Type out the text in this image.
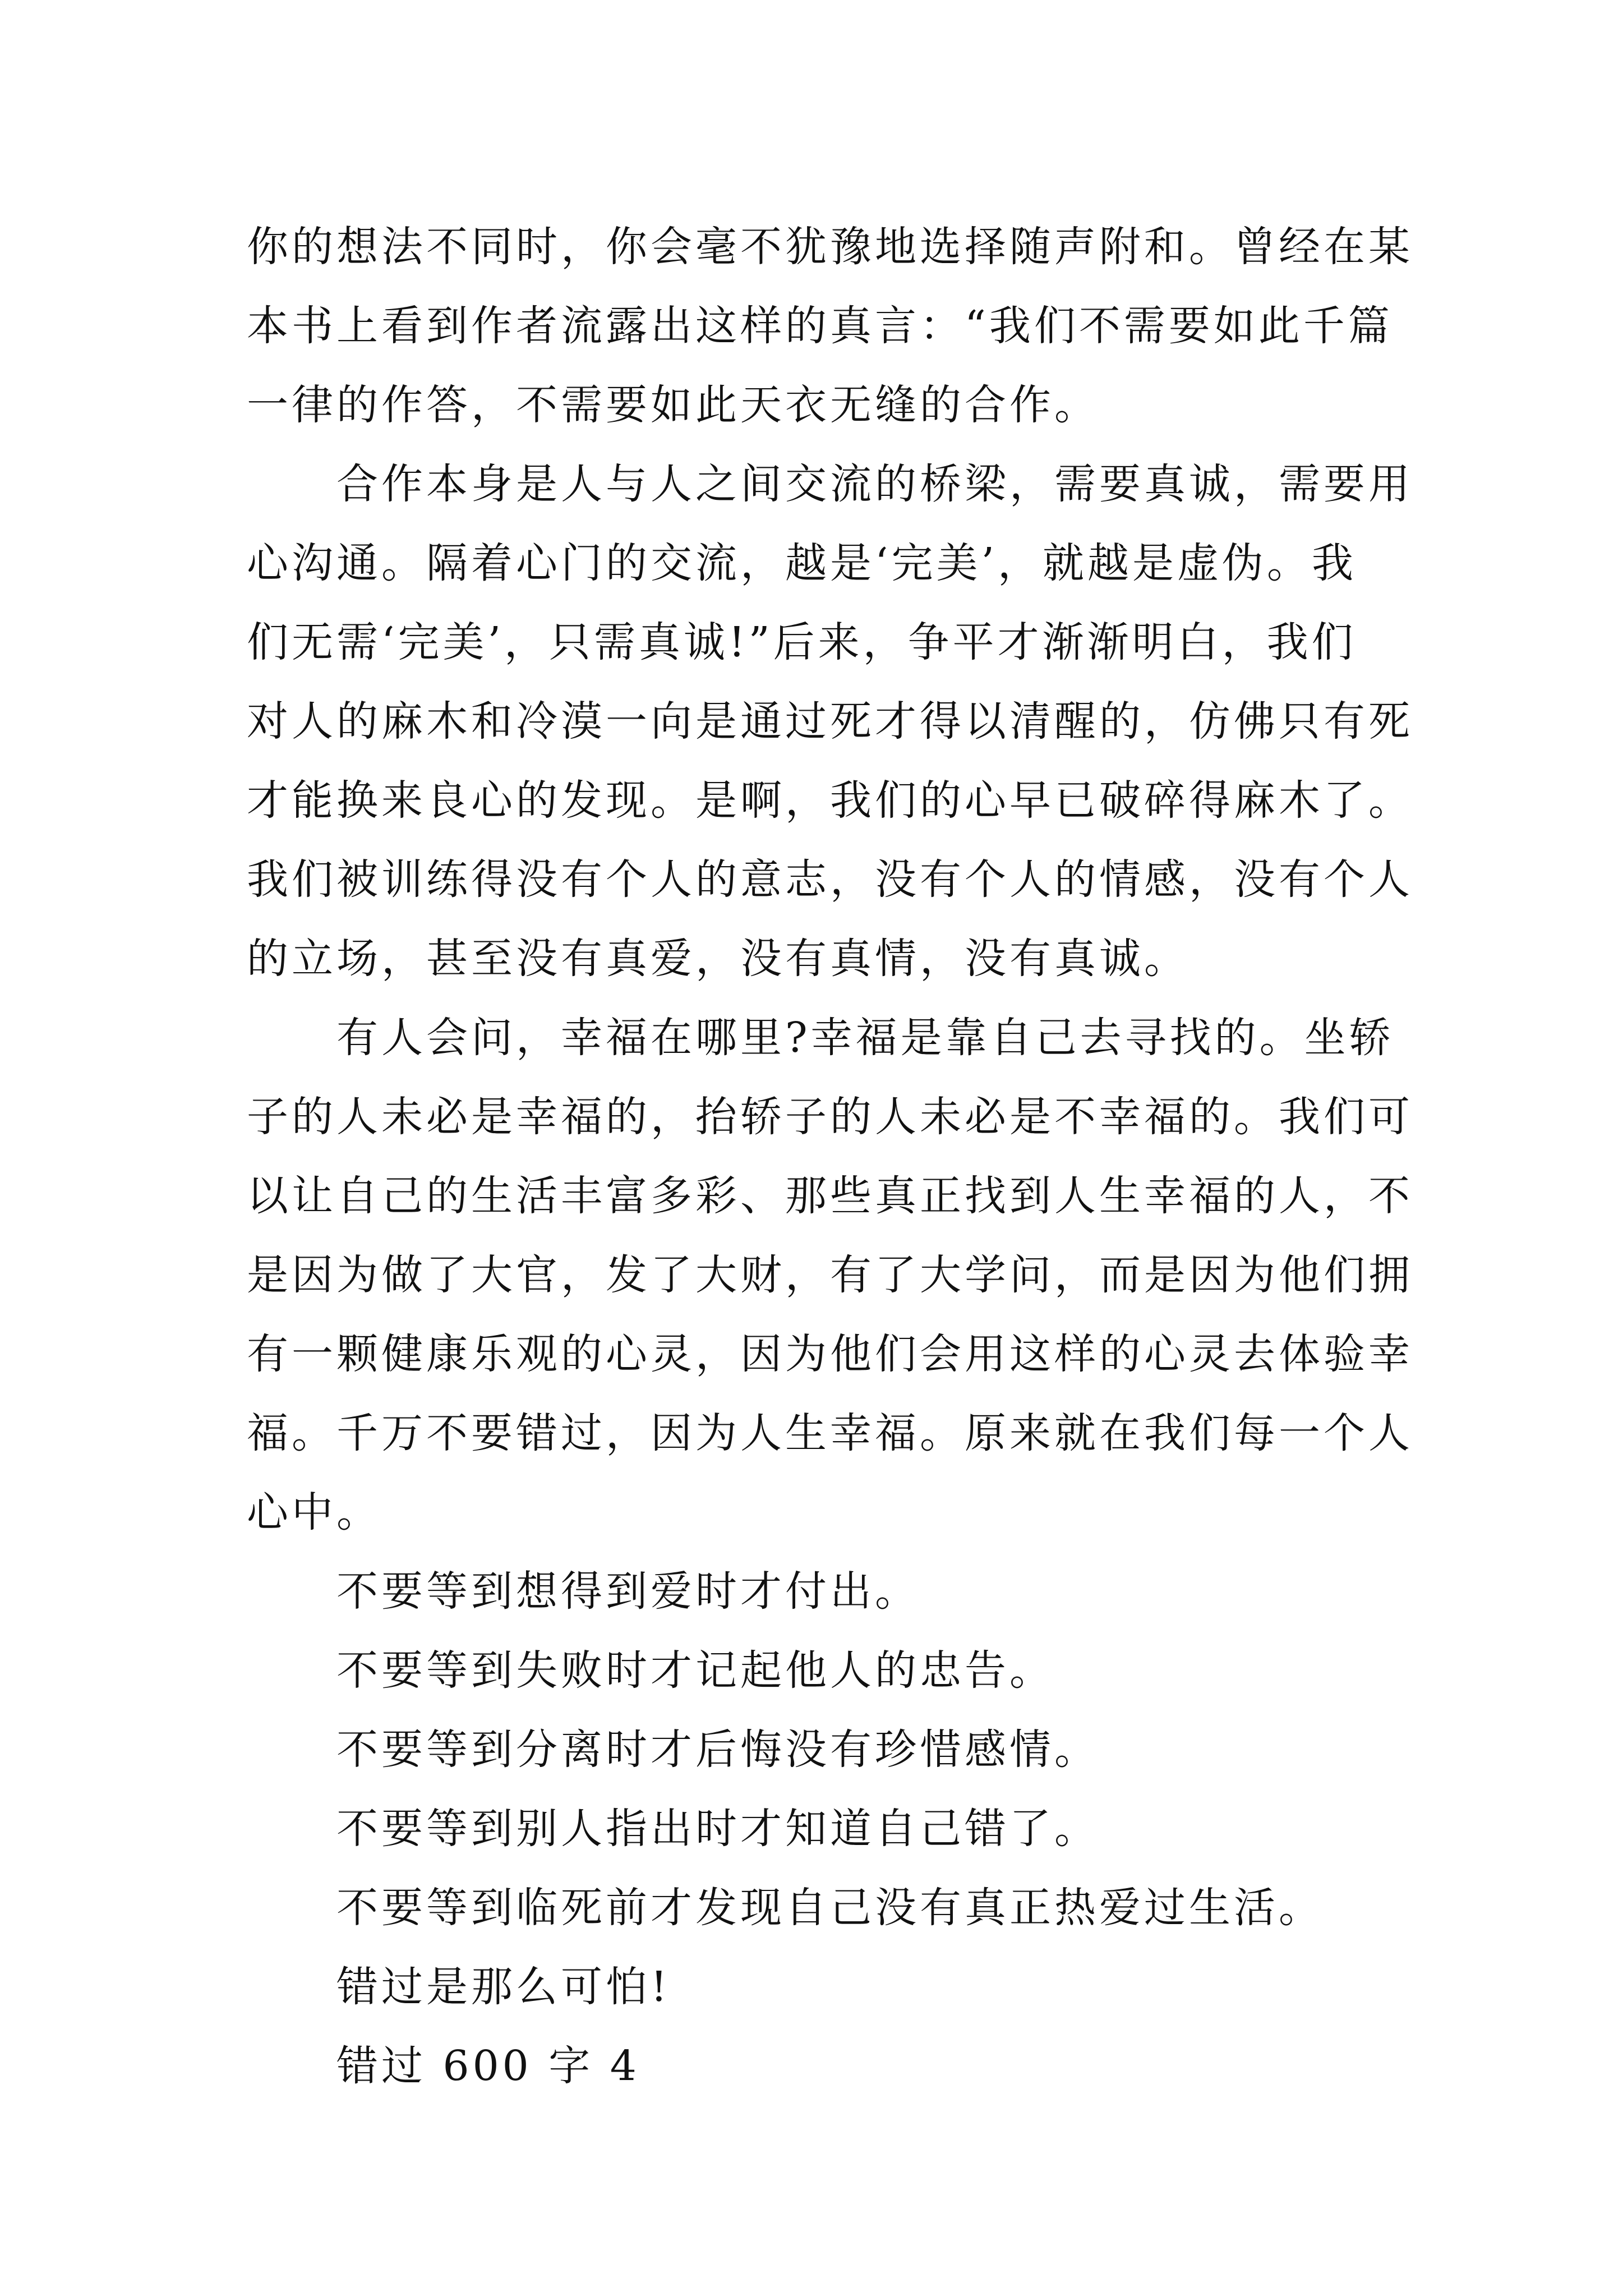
你的想法不同时，你会毫不犹豫地选择随声附和。曾经在某
本书上看到作者流露出这样的真言：“我们不需要如此千篇
一律的作答，不需要如此天衣无缝的合作。
合作本身是人与人之间交流的桥梁，需要真诚，需要用
心沟通。隔着心门的交流，越是‘完美’，就越是虚伪。我
们无需‘完美’，只需真诚!”后来，争平才渐渐明白，我们
对人的麻木和冷漠一向是通过死才得以清醒的，仿佛只有死
才能换来良心的发现。是啊，我们的心早已破碎得麻木了。
我们被训练得没有个人的意志，没有个人的情感，没有个人
的立场，甚至没有真爱，没有真情，没有真诚。
有人会问，幸福在哪里?幸福是靠自己去寻找的。坐轿
子的人未必是幸福的，抬轿子的人未必是不幸福的。我们可
以让自己的生活丰富多彩、那些真正找到人生幸福的人，不
是因为做了大官，发了大财，有了大学问，而是因为他们拥
有一颗健康乐观的心灵，因为他们会用这样的心灵去体验幸
福。千万不要错过，因为人生幸福。原来就在我们每一个人
心中。
不要等到想得到爱时才付出。
不要等到失败时才记起他人的忠告。
不要等到分离时才后悔没有珍惜感情。
不要等到别人指出时才知道自己错了。
不要等到临死前才发现自己没有真正热爱过生活。
错过是那么可怕!
错过 600 字 4
